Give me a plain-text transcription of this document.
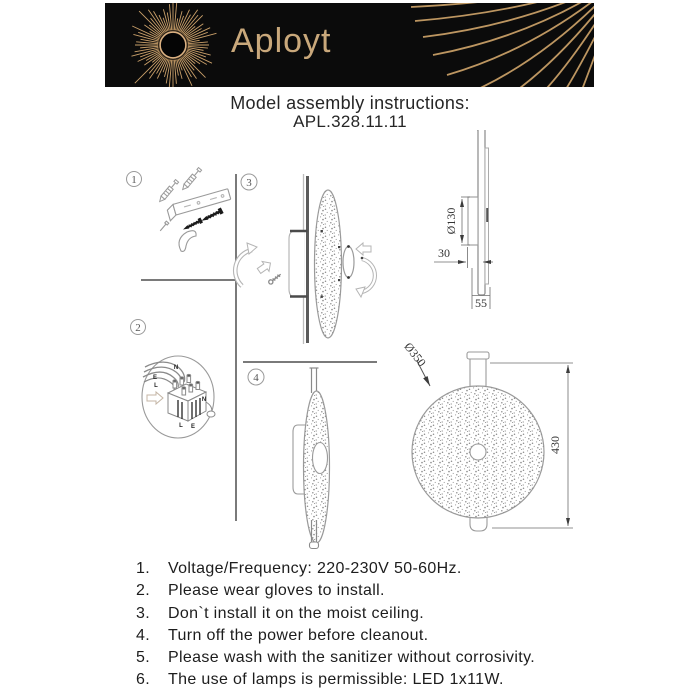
Aployt
Model assembly instructions:
APL.328.11.11
1
2
3
4
N
E
L
L E
N
Ø130
30
55
Ø350
430
1.	Voltage/Frequency: 220-230V 50-60Hz.
2.	Please wear gloves to install.
3.	Don`t install it on the moist ceiling.
4.	Turn off the power before cleanout.
5.	Please wash with the sanitizer without corrosivity.
6.	The use of lamps is permissible: LED 1x11W.
